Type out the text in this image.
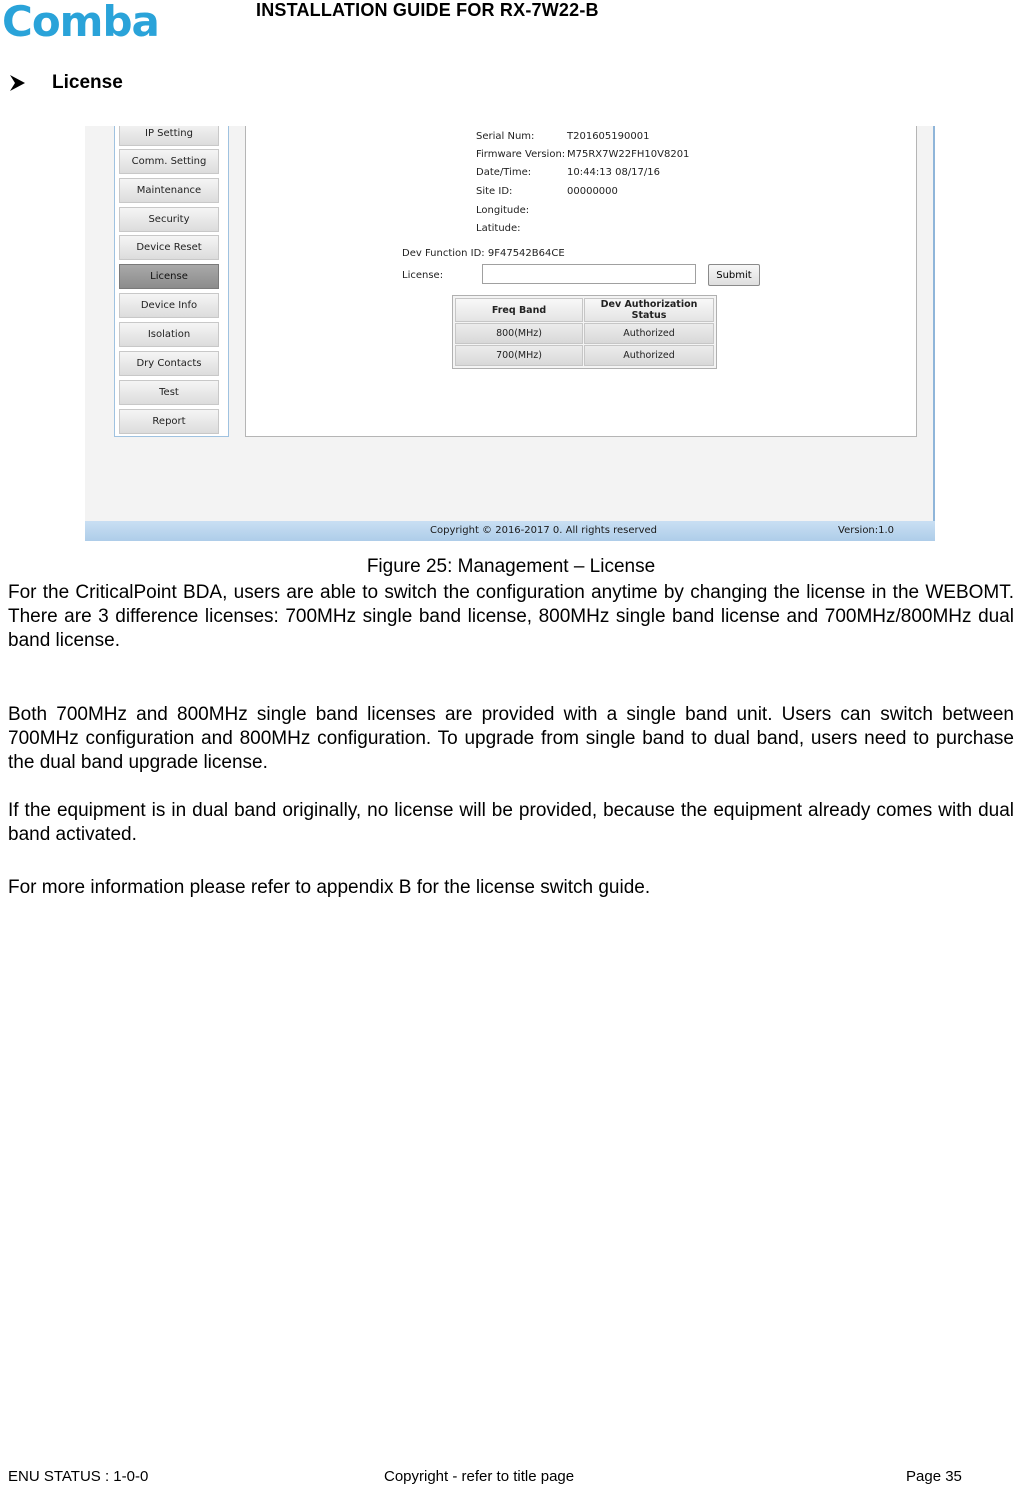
Comba	INSTALLATION GUIDE FOR RX-7W22-B
License
IP Setting
Comm. Setting
Maintenance
Security
Device Reset
License
Device Info
Isolation
Dry Contacts
Test
Report
Serial Num:	T201605190001
Firmware Version: M75RX7W22FH10V8201
Date/Time:	10:44:13 08/17/16
Site ID:	00000000
Longitude:
Latitude:
Dev Function ID: 9F47542B64CE
License:	Submit
Freq Band	Dev Authorization Status
800(MHz)	Authorized
700(MHz)	Authorized
Copyright © 2016-2017 0. All rights reserved	Version:1.0
Figure 25: Management – License

For the CriticalPoint BDA, users are able to switch the configuration anytime by changing the license in the WEBOMT. There are 3 difference licenses: 700MHz single band license, 800MHz single band license and 700MHz/800MHz dual band license.

Both 700MHz and 800MHz single band licenses are provided with a single band unit. Users can switch between 700MHz configuration and 800MHz configuration. To upgrade from single band to dual band, users need to purchase the dual band upgrade license.

If the equipment is in dual band originally, no license will be provided, because the equipment already comes with dual band activated.

For more information please refer to appendix B for the license switch guide.

ENU STATUS : 1-0-0	Copyright - refer to title page	Page 35
